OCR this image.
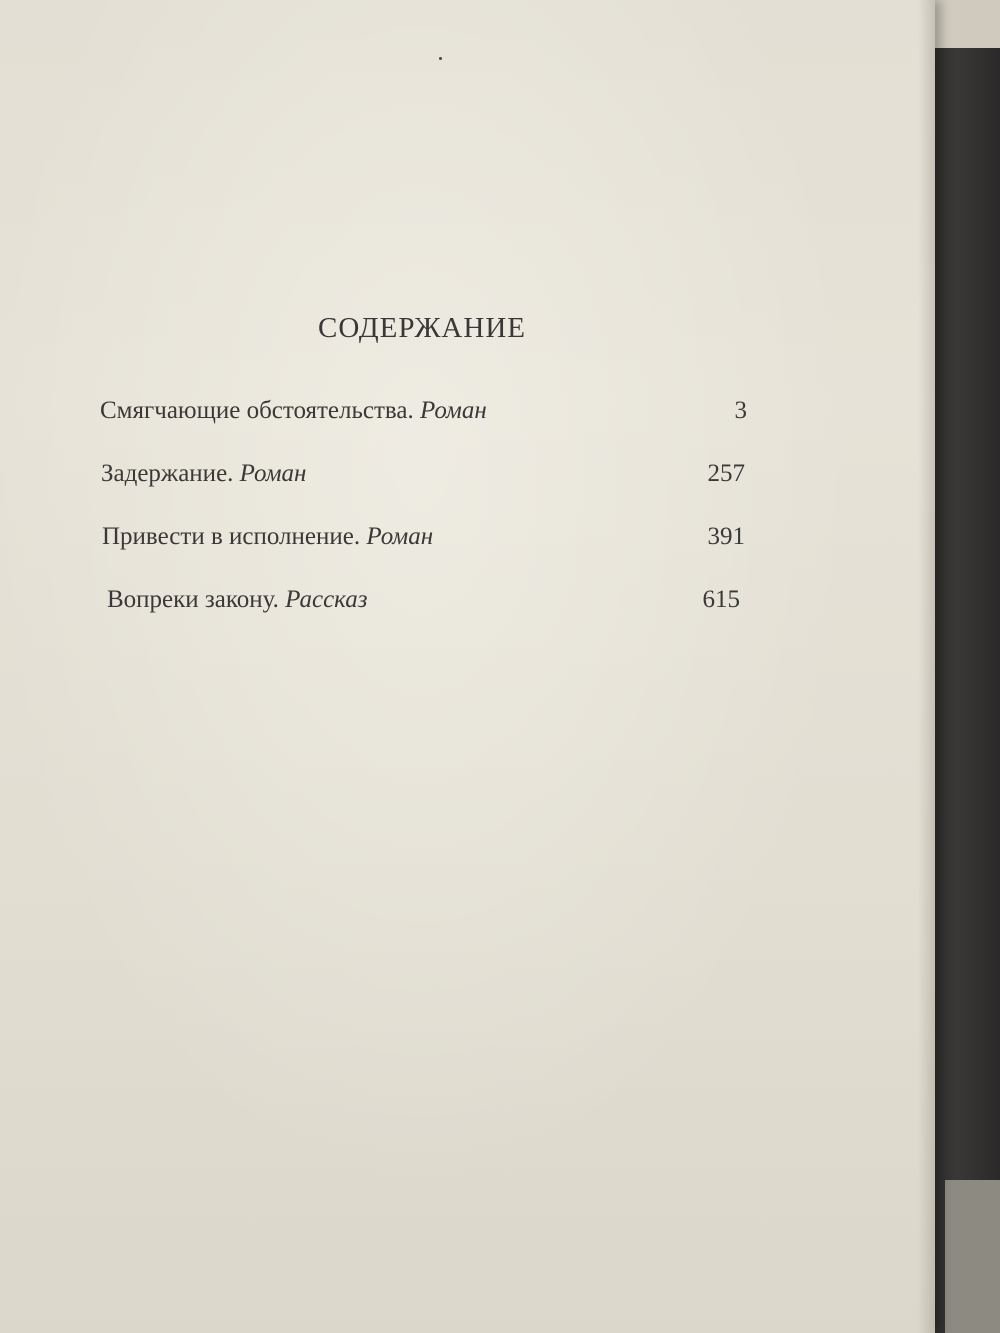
СОДЕРЖАНИЕ
Смягчающие обстоятельства. Роман	3
Задержание. Роман	257
Привести в исполнение. Роман	391
Вопреки закону. Рассказ	615
